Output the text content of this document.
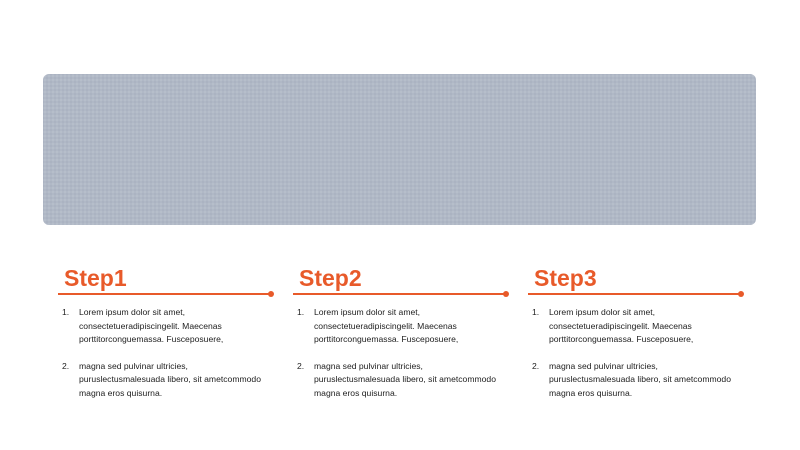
Step1
1. Lorem ipsum dolor sit amet, consectetueradipiscingelit. Maecenas porttitorconguemassa. Fusceposuere,
2. magna sed pulvinar ultricies, puruslectusmalesuada libero, sit ametcommodo magna eros quisurna.
Step2
1. Lorem ipsum dolor sit amet, consectetueradipiscingelit. Maecenas porttitorconguemassa. Fusceposuere,
2. magna sed pulvinar ultricies, puruslectusmalesuada libero, sit ametcommodo magna eros quisurna.
Step3
1. Lorem ipsum dolor sit amet, consectetueradipiscingelit. Maecenas porttitorconguemassa. Fusceposuere,
2. magna sed pulvinar ultricies, puruslectusmalesuada libero, sit ametcommodo magna eros quisurna.
